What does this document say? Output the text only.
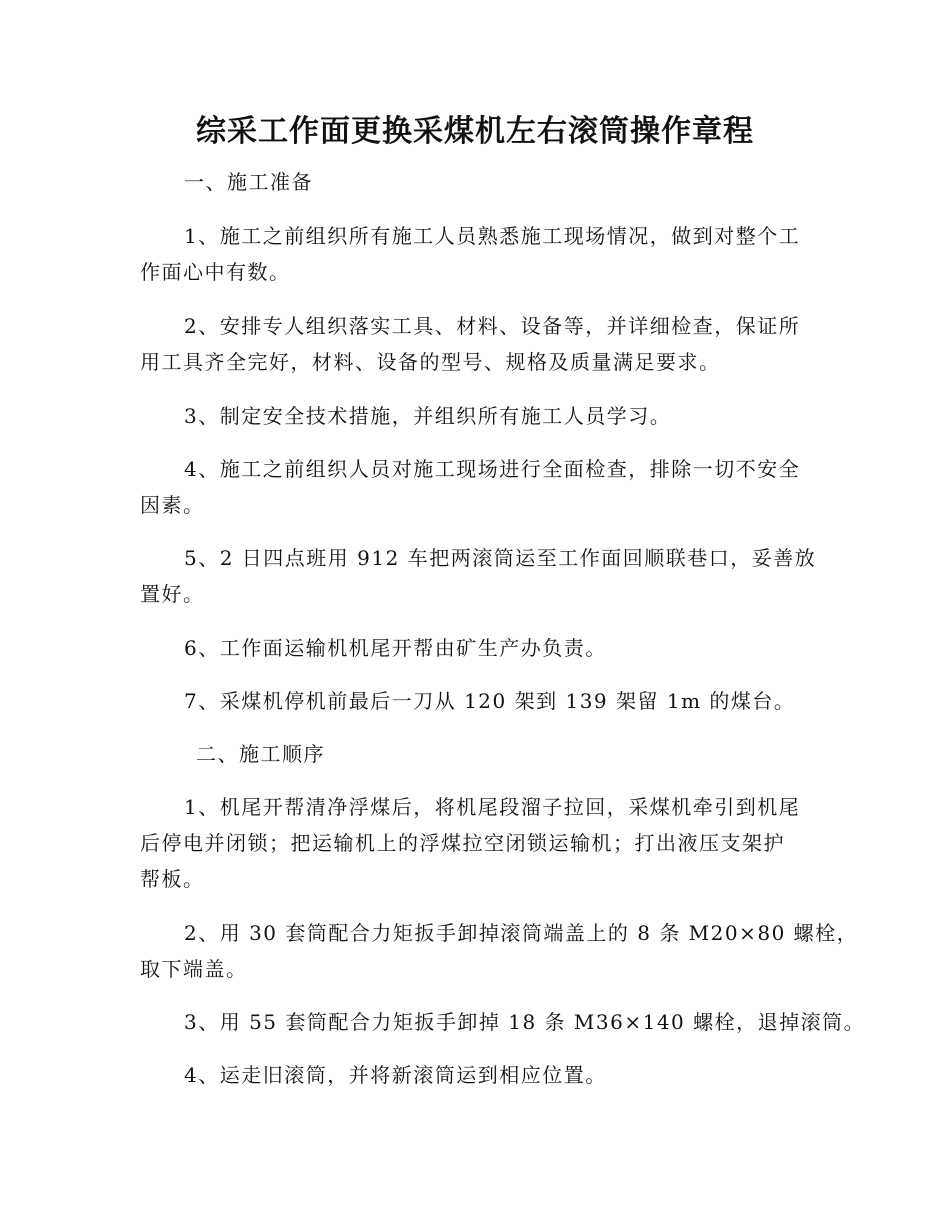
综采工作面更换采煤机左右滚筒操作章程
一、施工准备
1、施工之前组织所有施工人员熟悉施工现场情况，做到对整个工
作面心中有数。
2、安排专人组织落实工具、材料、设备等，并详细检查，保证所
用工具齐全完好，材料、设备的型号、规格及质量满足要求。
3、制定安全技术措施，并组织所有施工人员学习。
4、施工之前组织人员对施工现场进行全面检查，排除一切不安全
因素。
5、2 日四点班用 912 车把两滚筒运至工作面回顺联巷口，妥善放
置好。
6、工作面运输机机尾开帮由矿生产办负责。
7、采煤机停机前最后一刀从 120 架到 139 架留 1m 的煤台。
二、施工顺序
1、机尾开帮清净浮煤后，将机尾段溜子拉回，采煤机牵引到机尾
后停电并闭锁；把运输机上的浮煤拉空闭锁运输机；打出液压支架护
帮板。
2、用 30 套筒配合力矩扳手卸掉滚筒端盖上的 8 条 M20×80 螺栓，
取下端盖。
3、用 55 套筒配合力矩扳手卸掉 18 条 M36×140 螺栓，退掉滚筒。
4、运走旧滚筒，并将新滚筒运到相应位置。
